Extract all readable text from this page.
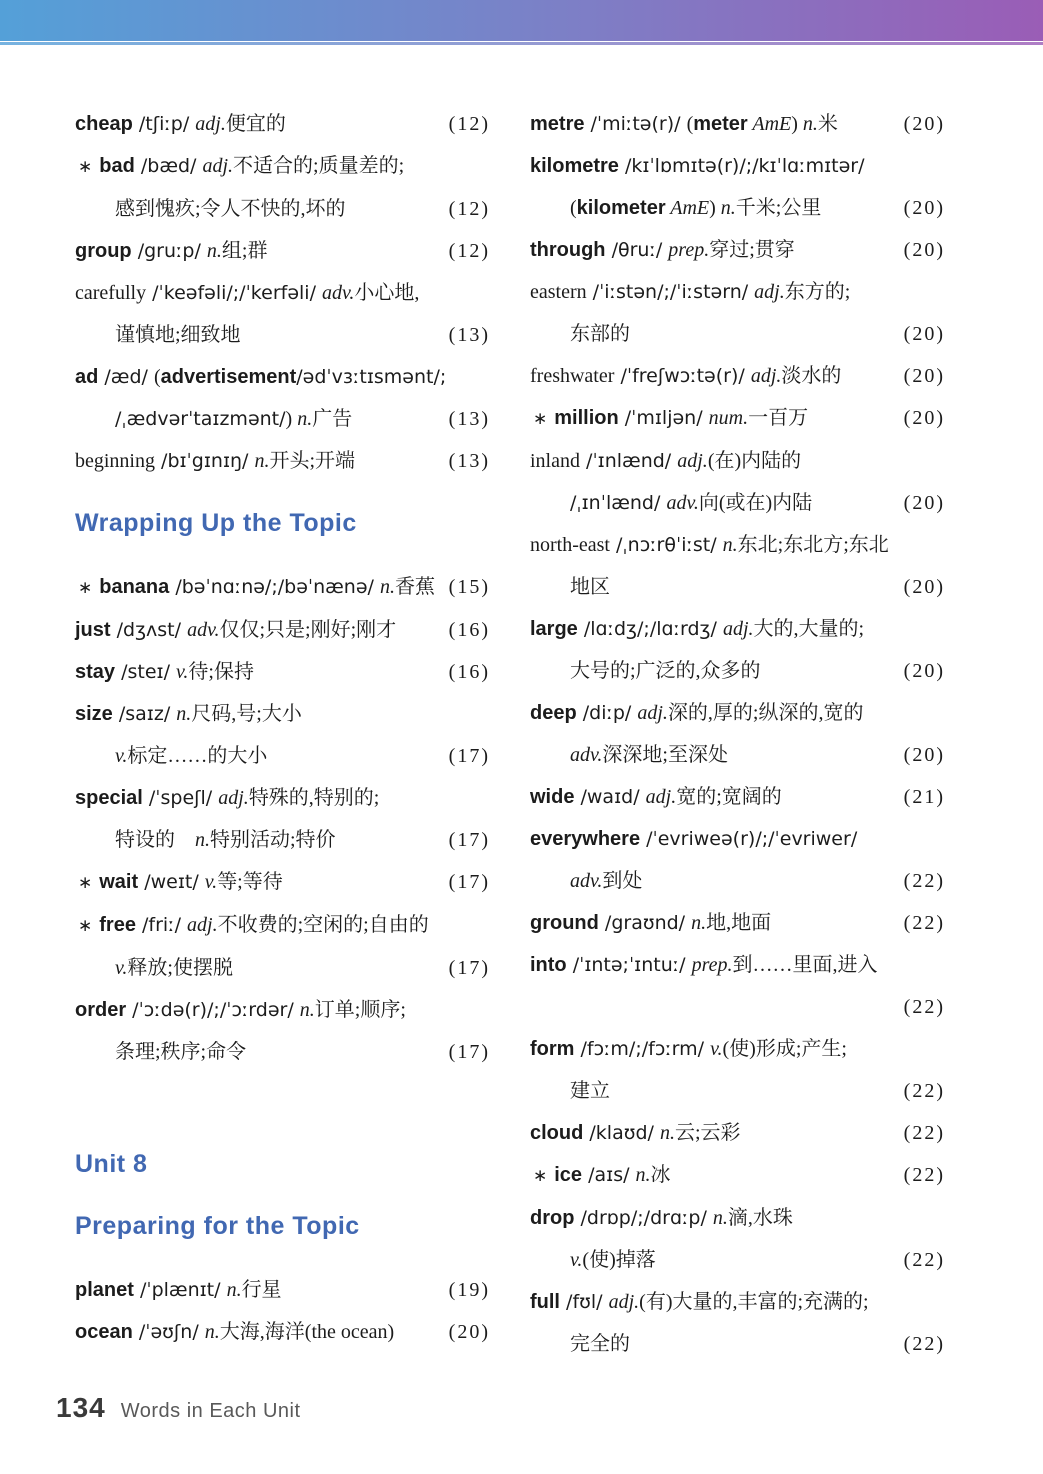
cheap /tʃiːp/ adj.便宜的	(12)
∗ bad /bæd/ adj.不适合的;质量差的;
感到愧疚;令人不快的,坏的	(12)
group /gruːp/ n.组;群	(12)
carefully /ˈkeəfəli/;/ˈkerfəli/ adv.小心地,
谨慎地;细致地	(13)
ad /æd/ (advertisement/ədˈvɜːtɪsmənt/;
/ˌædvərˈtaɪzmənt/) n.广告	(13)
beginning /bɪˈgɪnɪŋ/ n.开头;开端	(13)
Wrapping Up the Topic
∗ banana /bəˈnɑːnə/;/bəˈnænə/ n.香蕉 (15)
just /dʒʌst/ adv.仅仅;只是;刚好;刚才	(16)
stay /steɪ/ v.待;保持	(16)
size /saɪz/ n.尺码,号;大小
v.标定……的大小	(17)
special /ˈspeʃl/ adj.特殊的,特别的;
特设的　n.特别活动;特价	(17)
∗ wait /weɪt/ v.等;等待	(17)
∗ free /friː/ adj.不收费的;空闲的;自由的
v.释放;使摆脱	(17)
order /ˈɔːdə(r)/;/ˈɔːrdər/ n.订单;顺序;
条理;秩序;命令	(17)
Unit 8
Preparing for the Topic
planet /ˈplænɪt/ n.行星	(19)
ocean /ˈəʊʃn/ n.大海,海洋(the ocean)	(20)
metre /ˈmiːtə(r)/ (meter AmE) n.米	(20)
kilometre /kɪˈlɒmɪtə(r)/;/kɪˈlɑːmɪtər/
(kilometer AmE) n.千米;公里	(20)
through /θruː/ prep.穿过;贯穿	(20)
eastern /ˈiːstən/;/ˈiːstərn/ adj.东方的;
东部的	(20)
freshwater /ˈfreʃwɔːtə(r)/ adj.淡水的	(20)
∗ million /ˈmɪljən/ num.一百万	(20)
inland /ˈɪnlænd/ adj.(在)内陆的
/ˌɪnˈlænd/ adv.向(或在)内陆	(20)
north-east /ˌnɔːrθˈiːst/ n.东北;东北方;东北
地区	(20)
large /lɑːdʒ/;/lɑːrdʒ/ adj.大的,大量的;
大号的;广泛的,众多的	(20)
deep /diːp/ adj.深的,厚的;纵深的,宽的
adv.深深地;至深处	(20)
wide /waɪd/ adj.宽的;宽阔的	(21)
everywhere /ˈevriweə(r)/;/ˈevriwer/
adv.到处	(22)
ground /graʊnd/ n.地,地面	(22)
into /ˈɪntə;ˈɪntuː/ prep.到……里面,进入
(22)
form /fɔːm/;/fɔːrm/ v.(使)形成;产生;
建立	(22)
cloud /klaʊd/ n.云;云彩	(22)
∗ ice /aɪs/ n.冰	(22)
drop /drɒp/;/drɑːp/ n.滴,水珠
v.(使)掉落	(22)
full /fʊl/ adj.(有)大量的,丰富的;充满的;
完全的	(22)
134 Words in Each Unit
